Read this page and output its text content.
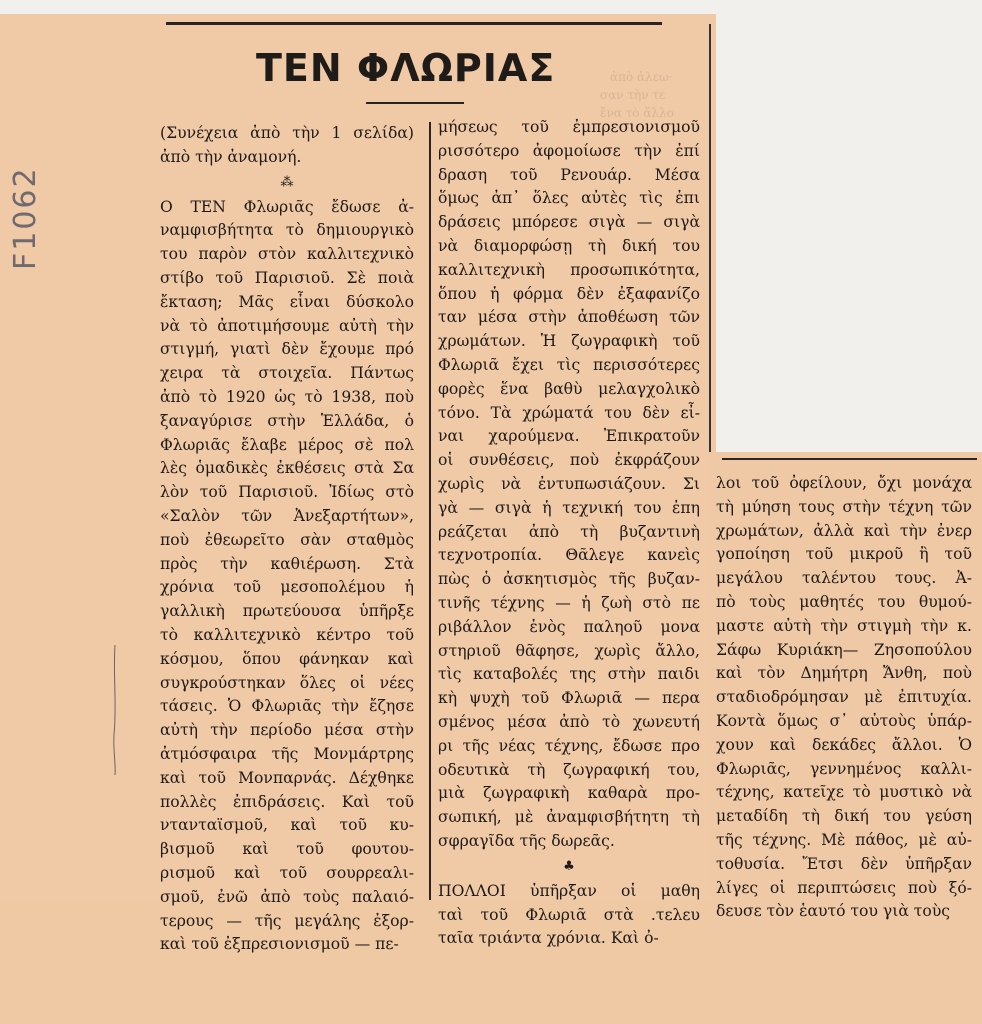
ἀπὸ ἀλεω·
σαν τὴν τε
ἔνα τὸ ἄλλο
TEN ΦΛΩΡΙΑΣ
F1062
(Συνέχεια ἀπὸ τὴν 1 σελίδα)
ἀπὸ τὴν ἀναμονή.
⁂
Ο ΤΕΝ Φλωριᾶς ἔδωσε ἀ-
ναμφισβήτητα τὸ δημιουργικὸ
του παρὸν στὸν καλλιτεχνικὸ
στίβο τοῦ Παρισιοῦ. Σὲ ποιὰ
ἔκταση; Μᾶς εἶναι δύσκολο
νὰ τὸ ἀποτιμήσουμε αὐτὴ τὴν
στιγμή, γιατὶ δὲν ἔχουμε πρό
χειρα τὰ στοιχεῖα. Πάντως
ἀπὸ τὸ 1920 ὡς τὸ 1938, ποὺ
ξαναγύρισε στὴν Ἑλλάδα, ὁ
Φλωριᾶς ἔλαβε μέρος σὲ πολ
λὲς ὁμαδικὲς ἐκθέσεις στὰ Σα
λὸν τοῦ Παρισιοῦ. Ἰδίως στὸ
«Σαλὸν τῶν Ἀνεξαρτήτων»,
ποὺ ἐθεωρεῖτο σὰν σταθμὸς
πρὸς τὴν καθιέρωση. Στὰ
χρόνια τοῦ μεσοπολέμου ἡ
γαλλικὴ πρωτεύουσα ὑπῆρξε
τὸ καλλιτεχνικὸ κέντρο τοῦ
κόσμου, ὅπου φάνηκαν καὶ
συγκρούστηκαν ὅλες οἱ νέες
τάσεις. Ὁ Φλωριᾶς τὴν ἔζησε
αὐτὴ τὴν περίοδο μέσα στὴν
ἀτμόσφαιρα τῆς Μονμάρτρης
καὶ τοῦ Μονπαρνάς. Δέχθηκε
πολλὲς ἐπιδράσεις. Καὶ τοῦ
ντανταϊσμοῦ, καὶ τοῦ κυ-
βισμοῦ καὶ τοῦ φουτου-
ρισμοῦ καὶ τοῦ σουρρεαλι-
σμοῦ, ἐνῶ ἀπὸ τοὺς παλαιό-
τερους — τῆς μεγάλης ἐξορ-
καὶ τοῦ ἐξπρεσιονισμοῦ — πε-
μήσεως τοῦ ἐμπρεσιονισμοῦ
ρισσότερο ἀφομοίωσε τὴν ἐπί
δραση τοῦ Ρενουάρ. Μέσα
ὅμως ἀπ᾽ ὅλες αὐτὲς τὶς ἐπι
δράσεις μπόρεσε σιγὰ — σιγὰ
νὰ διαμορφώσῃ τὴ δική του
καλλιτεχνικὴ προσωπικότητα,
ὅπου ἡ φόρμα δὲν ἐξαφανίζο
ταν μέσα στὴν ἀποθέωση τῶν
χρωμάτων. Ἡ ζωγραφικὴ τοῦ
Φλωριᾶ ἔχει τὶς περισσότερες
φορὲς ἕνα βαθὺ μελαγχολικὸ
τόνο. Τὰ χρώματά του δὲν εἶ-
ναι χαρούμενα. Ἐπικρατοῦν
οἱ συνθέσεις, ποὺ ἐκφράζουν
χωρὶς νὰ ἐντυπωσιάζουν. Σι
γὰ — σιγὰ ἡ τεχνική του ἐπη
ρεάζεται ἀπὸ τὴ βυζαντινὴ
τεχνοτροπία. Θᾶλεγε κανεὶς
πὼς ὁ ἀσκητισμὸς τῆς βυζαν-
τινῆς τέχνης — ἡ ζωὴ στὸ πε
ριβάλλον ἑνὸς παληοῦ μονα
στηριοῦ θᾶφησε, χωρὶς ἄλλο,
τὶς καταβολές της στὴν παιδι
κὴ ψυχὴ τοῦ Φλωριᾶ — περα
σμένος μέσα ἀπὸ τὸ χωνευτή
ρι τῆς νέας τέχνης, ἔδωσε προ
οδευτικὰ τὴ ζωγραφική του,
μιὰ ζωγραφικὴ καθαρὰ προ-
σωπική, μὲ ἀναμφισβήτητη τὴ
σφραγῖδα τῆς δωρεᾶς.
♣
ΠΟΛΛΟΙ ὑπῆρξαν οἱ μαθη
ταὶ τοῦ Φλωριᾶ στὰ .τελευ
ταῖα τριάντα χρόνια. Καὶ ὀ-
λοι τοῦ ὀφείλουν, ὄχι μονάχα
τὴ μύηση τους στὴν τέχνη τῶν
χρωμάτων, ἀλλὰ καὶ τὴν ἐνερ
γοποίηση τοῦ μικροῦ ἢ τοῦ
μεγάλου ταλέντου τους. Ἀ-
πὸ τοὺς μαθητές του θυμού-
μαστε αὐτὴ τὴν στιγμὴ τὴν κ.
Σάφω Κυριάκη— Ζησοπούλου
καὶ τὸν Δημήτρη Ἄνθη, ποὺ
σταδιοδρόμησαν μὲ ἐπιτυχία.
Κοντὰ ὅμως σ᾽ αὐτοὺς ὑπάρ-
χουν καὶ δεκάδες ἄλλοι. Ὁ
Φλωριᾶς, γεννημένος καλλι-
τέχνης, κατεῖχε τὸ μυστικὸ νὰ
μεταδίδη τὴ δική του γεύση
τῆς τέχνης. Μὲ πάθος, μὲ αὐ-
τοθυσία. Ἔτσι δὲν ὑπῆρξαν
λίγες οἱ περιπτώσεις ποὺ ξό-
δευσε τὸν ἑαυτό του γιὰ τοὺς
